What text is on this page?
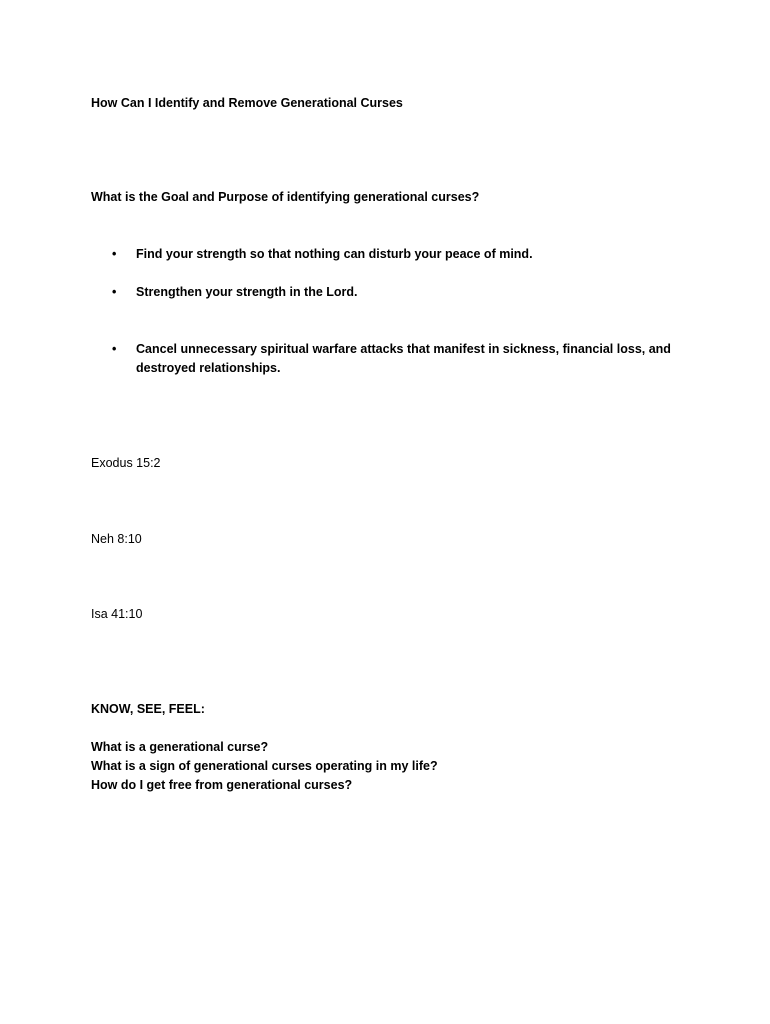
How Can I Identify and Remove Generational Curses
What is the Goal and Purpose of identifying generational curses?
•	Find your strength so that nothing can disturb your peace of mind.
•	Strengthen your strength in the Lord.
•	Cancel unnecessary spiritual warfare attacks that manifest in sickness, financial loss, and destroyed relationships.
Exodus 15:2
Neh 8:10
Isa 41:10
KNOW, SEE, FEEL:
What is a generational curse?
What is a sign of generational curses operating in my life?
How do I get free from generational curses?
